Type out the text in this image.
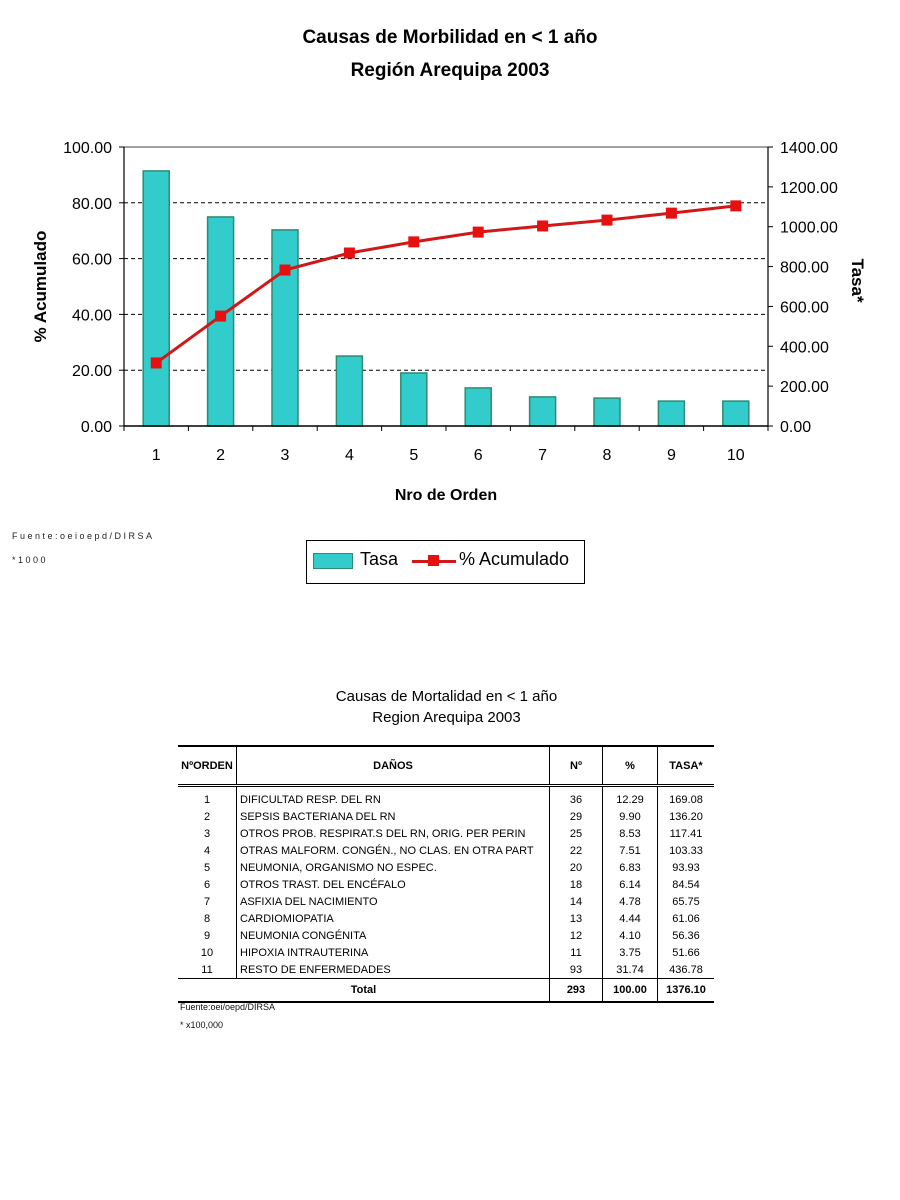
Causas de Morbilidad en < 1 año
Región Arequipa 2003
0.00
20.00
40.00
60.00
80.00
100.00
0.00
200.00
400.00
600.00
800.00
1000.00
1200.00
1400.00
1	2	3	4	5	6	7	8	9	10
Nro de Orden
% Acumulado	Tasa*
Fuente:oeioepd/DIRSA
*1000	Tasa	% Acumulado
Causas de Mortalidad en < 1 año
Region Arequipa 2003
NºORDEN	DAÑOS	Nº	%	TASA*
1	DIFICULTAD RESP. DEL RN	36	12.29	169.08
2	SEPSIS BACTERIANA DEL RN	29	9.90	136.20
3	OTROS PROB. RESPIRAT.S DEL RN, ORIG. PER PERIN	25	8.53	117.41
4	OTRAS MALFORM. CONGÉN., NO CLAS. EN OTRA PART	22	7.51	103.33
5	NEUMONIA, ORGANISMO NO ESPEC.	20	6.83	93.93
6	OTROS TRAST. DEL ENCÉFALO	18	6.14	84.54
7	ASFIXIA DEL NACIMIENTO	14	4.78	65.75
8	CARDIOMIOPATIA	13	4.44	61.06
9	NEUMONIA CONGÉNITA	12	4.10	56.36
10	HIPOXIA INTRAUTERINA	11	3.75	51.66
11	RESTO DE ENFERMEDADES	93	31.74	436.78
Total		293	100.00	1376.10
Fuente:oei/oepd/DIRSA
* x100,000
